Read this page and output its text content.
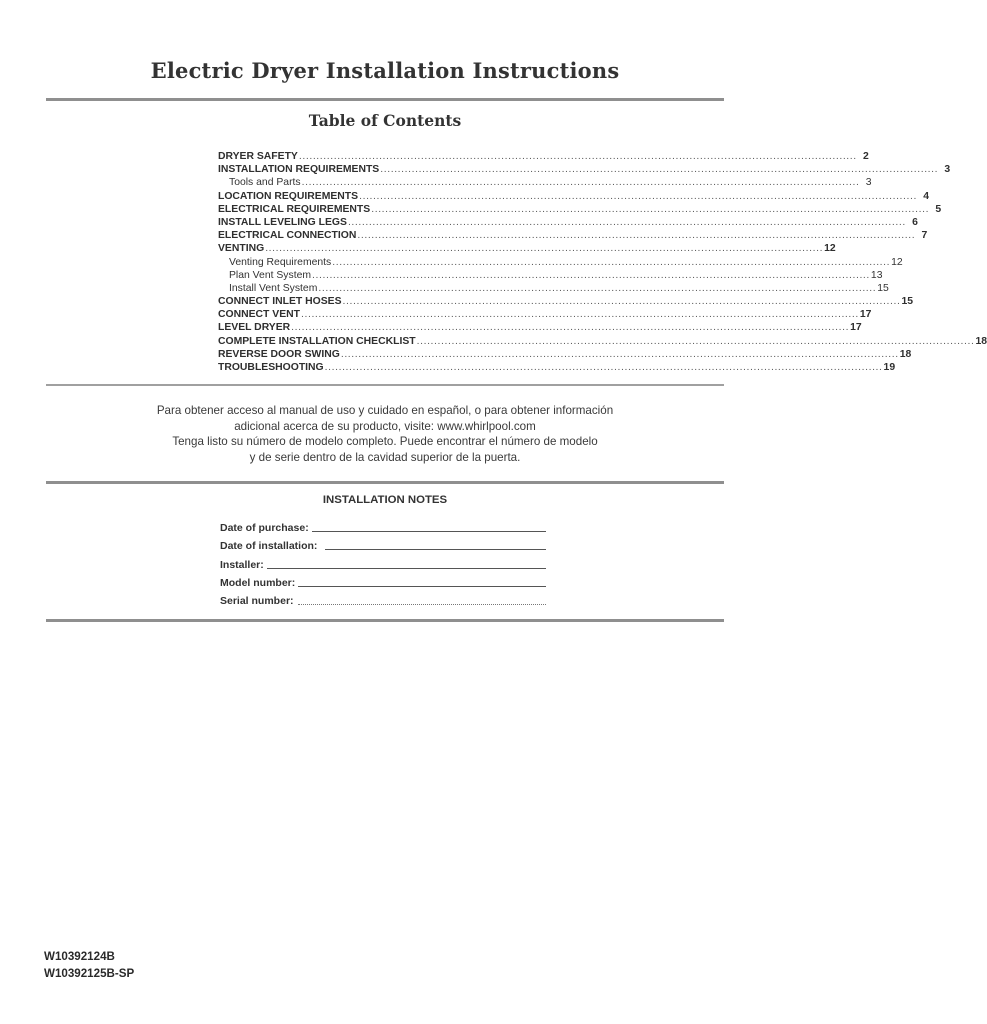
Electric Dryer Installation Instructions
Table of Contents
DRYER SAFETY ................................................................................................................................................................ 2
INSTALLATION REQUIREMENTS ................................................................................................................................................................ 3
Tools and Parts ................................................................................................................................................................ 3
LOCATION REQUIREMENTS ................................................................................................................................................................ 4
ELECTRICAL REQUIREMENTS ................................................................................................................................................................ 5
INSTALL LEVELING LEGS ................................................................................................................................................................ 6
ELECTRICAL CONNECTION ................................................................................................................................................................ 7
VENTING ................................................................................................................................................................ 12
Venting Requirements ................................................................................................................................................................ 12
Plan Vent System ................................................................................................................................................................ 13
Install Vent System ................................................................................................................................................................ 15
CONNECT INLET HOSES ................................................................................................................................................................ 15
CONNECT VENT ................................................................................................................................................................ 17
LEVEL DRYER ................................................................................................................................................................ 17
COMPLETE INSTALLATION CHECKLIST ................................................................................................................................................................ 18
REVERSE DOOR SWING ................................................................................................................................................................ 18
TROUBLESHOOTING ................................................................................................................................................................ 19
Para obtener acceso al manual de uso y cuidado en español, o para obtener información
adicional acerca de su producto, visite: www.whirlpool.com
Tenga listo su número de modelo completo. Puede encontrar el número de modelo
y de serie dentro de la cavidad superior de la puerta.
INSTALLATION NOTES
Date of purchase:
Date of installation:
Installer:
Model number:
Serial number:
W10392124B
W10392125B-SP
